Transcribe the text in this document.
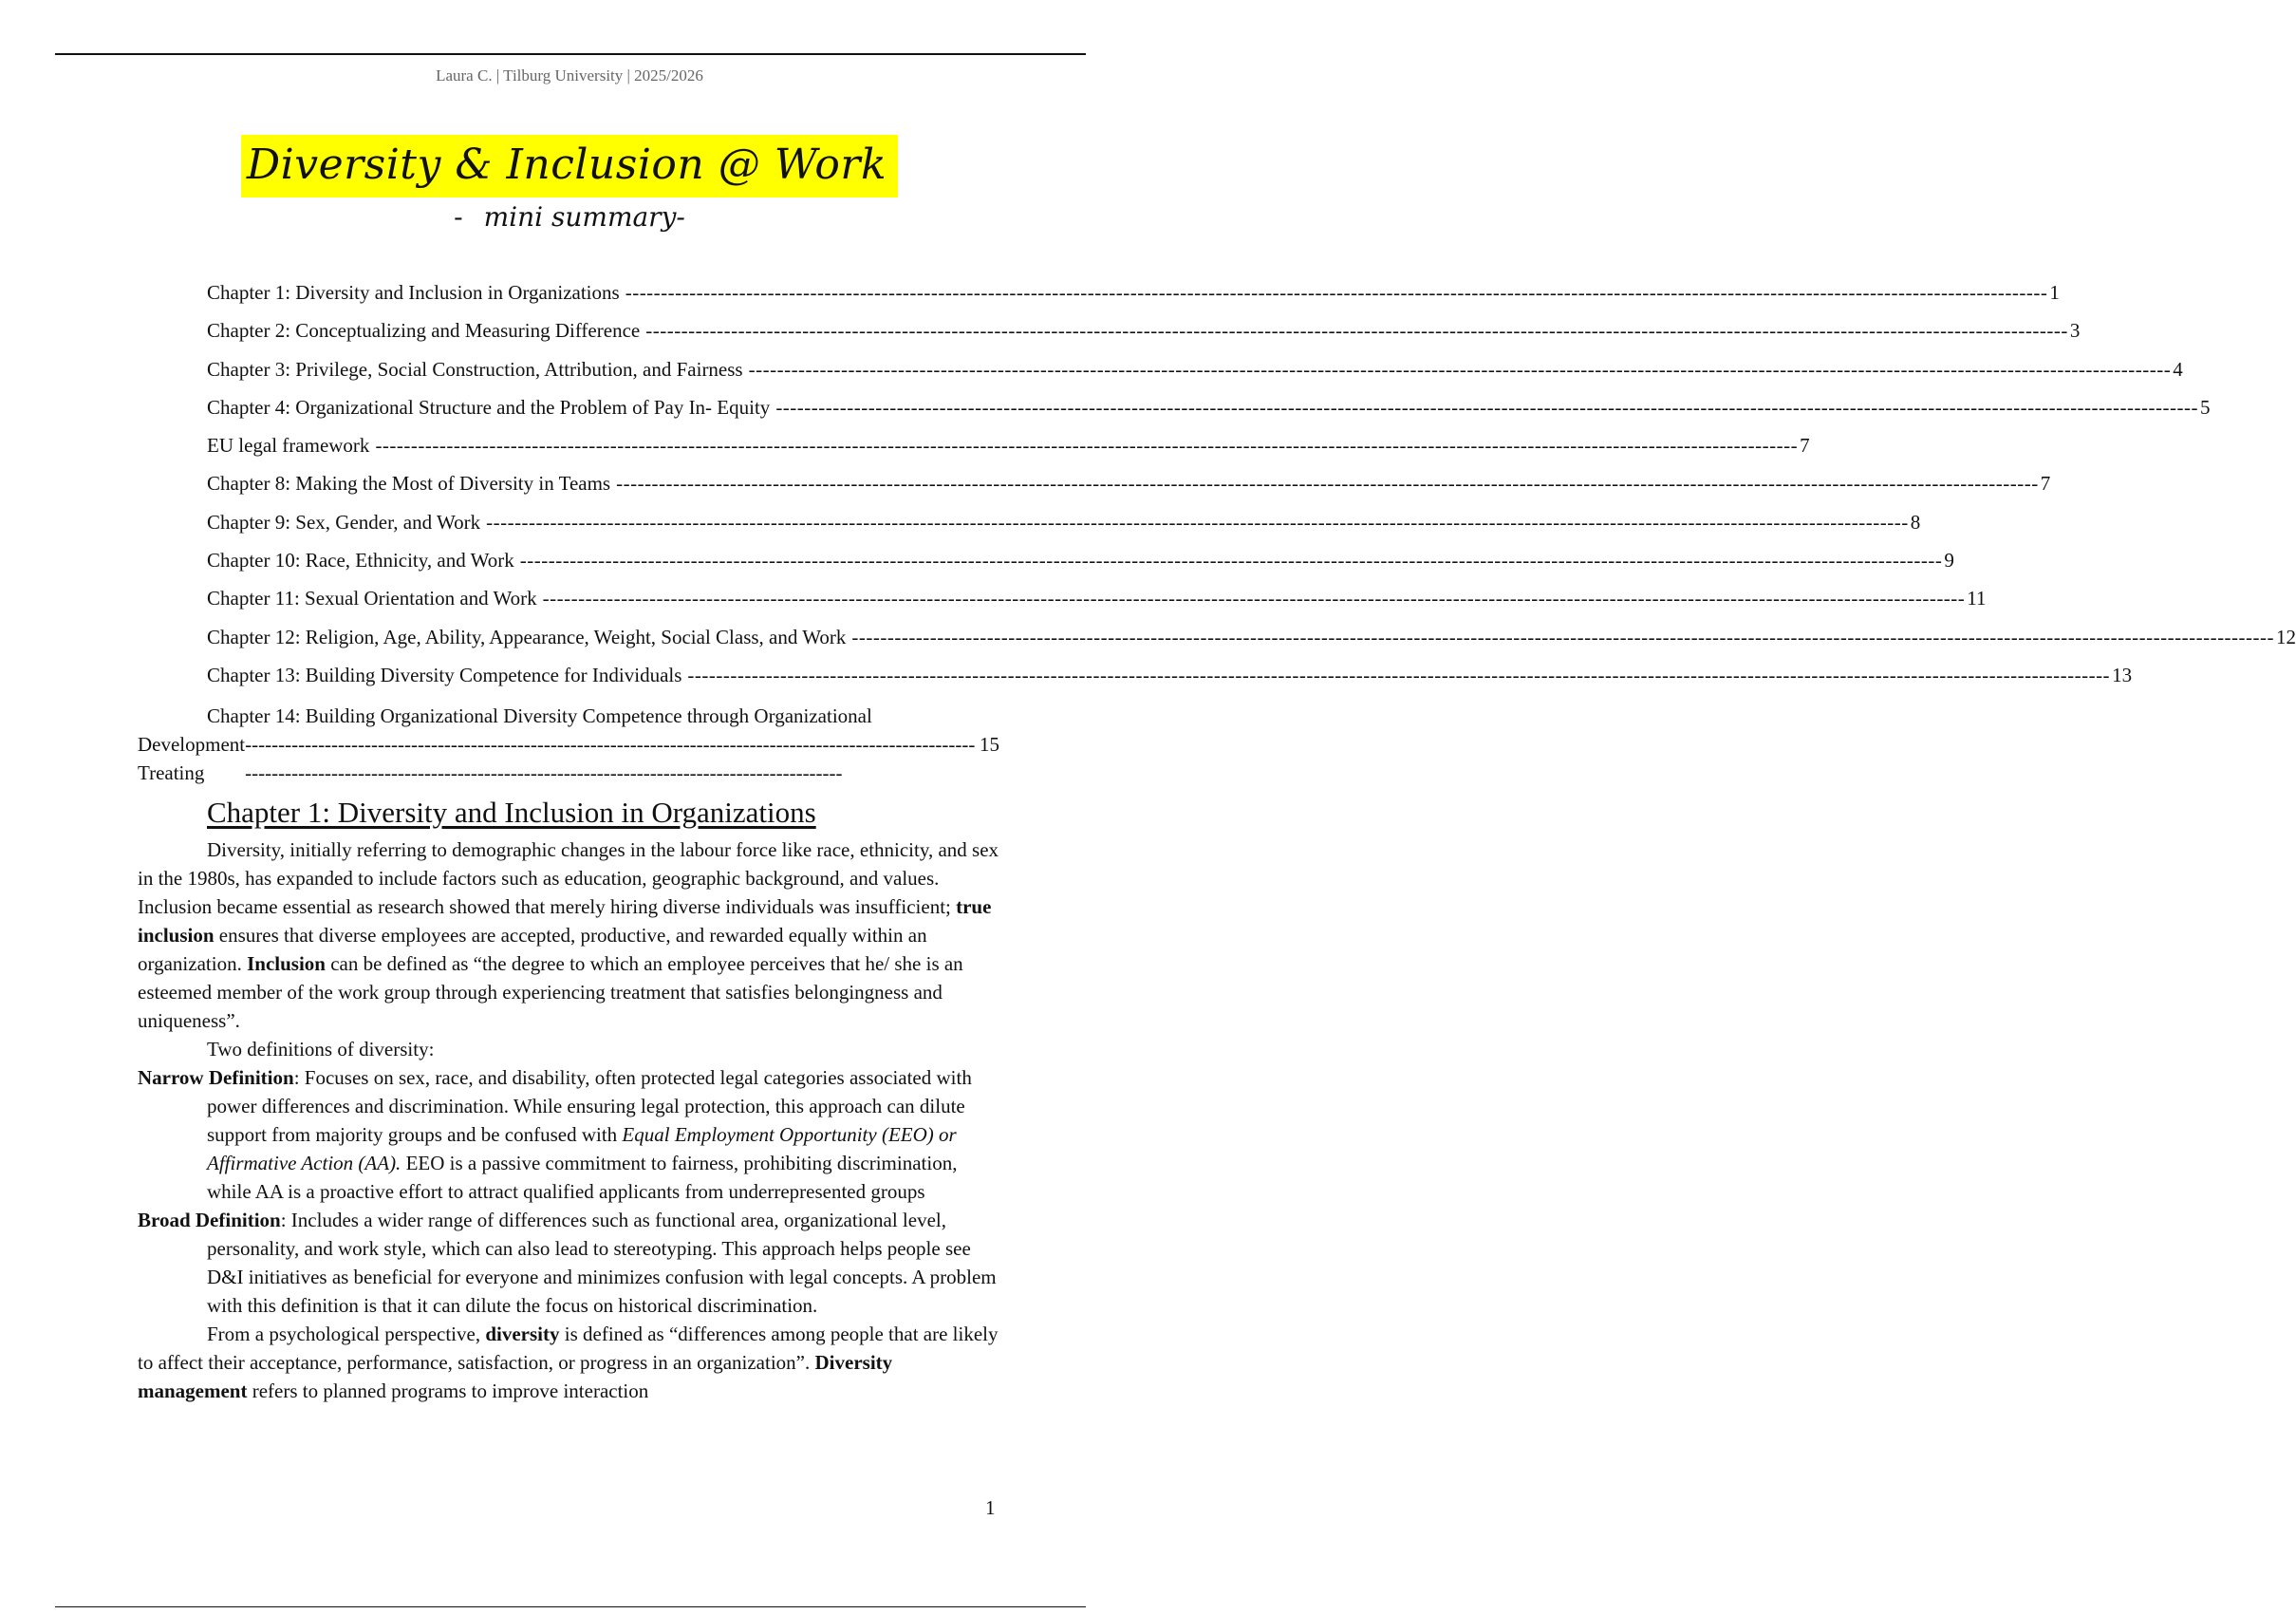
Laura C. | Tilburg University | 2025/2026
Diversity & Inclusion @ Work
- mini summary-
Chapter 1: Diversity and Inclusion in Organizations -------------------------------------------------------------------------------------------------------------------------------------------------------------------------------------------------------- 1
Chapter 2: Conceptualizing and Measuring Difference -------------------------------------------------------------------------------------------------------------------------------------------------------------------------------------------------------- 3
Chapter 3: Privilege, Social Construction, Attribution, and Fairness -------------------------------------------------------------------------------------------------------------------------------------------------------------------------------------------------------- 4
Chapter 4: Organizational Structure and the Problem of Pay In- Equity -------------------------------------------------------------------------------------------------------------------------------------------------------------------------------------------------------- 5
EU legal framework -------------------------------------------------------------------------------------------------------------------------------------------------------------------------------------------------------- 7
Chapter 8: Making the Most of Diversity in Teams -------------------------------------------------------------------------------------------------------------------------------------------------------------------------------------------------------- 7
Chapter 9: Sex, Gender, and Work -------------------------------------------------------------------------------------------------------------------------------------------------------------------------------------------------------- 8
Chapter 10: Race, Ethnicity, and Work -------------------------------------------------------------------------------------------------------------------------------------------------------------------------------------------------------- 9
Chapter 11: Sexual Orientation and Work -------------------------------------------------------------------------------------------------------------------------------------------------------------------------------------------------------- 11
Chapter 12: Religion, Age, Ability, Appearance, Weight, Social Class, and Work -------------------------------------------------------------------------------------------------------------------------------------------------------------------------------------------------------- 12
Chapter 13: Building Diversity Competence for Individuals -------------------------------------------------------------------------------------------------------------------------------------------------------------------------------------------------------- 13
Chapter 14: Building Organizational Diversity Competence through Organizational
Development Treating
--------------------------------------------------------------------------------------------------------------------------------------------------------------------------------------------------------
15
Chapter 1: Diversity and Inclusion in Organizations

Diversity, initially referring to demographic changes in the labour force like race, ethnicity, and sex in the 1980s, has expanded to include factors such as education, geographic background, and values. Inclusion became essential as research showed that merely hiring diverse individuals was insufficient; true inclusion ensures that diverse employees are accepted, productive, and rewarded equally within an organization. Inclusion can be defined as “the degree to which an employee perceives that he/ she is an esteemed member of the work group through experiencing treatment that satisfies belongingness and uniqueness”.

Two definitions of diversity:

Narrow Definition: Focuses on sex, race, and disability, often protected legal categories associated with power differences and discrimination. While ensuring legal protection, this approach can dilute support from majority groups and be confused with Equal Employment Opportunity (EEO) or Affirmative Action (AA). EEO is a passive commitment to fairness, prohibiting discrimination, while AA is a proactive effort to attract qualified applicants from underrepresented groups

Broad Definition: Includes a wider range of differences such as functional area, organizational level, personality, and work style, which can also lead to stereotyping. This approach helps people see D&I initiatives as beneficial for everyone and minimizes confusion with legal concepts. A problem with this definition is that it can dilute the focus on historical discrimination.

From a psychological perspective, diversity is defined as “differences among people that are likely to affect their acceptance, performance, satisfaction, or progress in an organization”. Diversity management refers to planned programs to improve interaction

1
